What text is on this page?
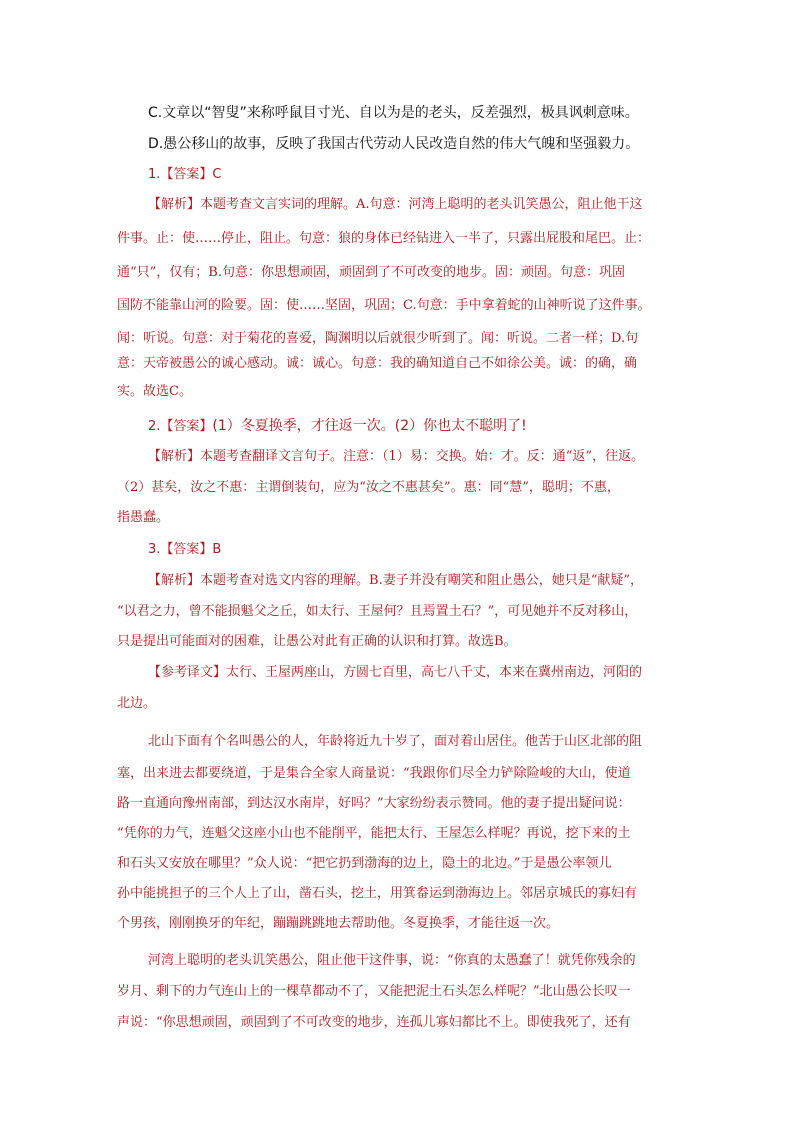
C.文章以“智叟”来称呼鼠目寸光、自以为是的老头，反差强烈，极具讽刺意味。
D.愚公移山的故事，反映了我国古代劳动人民改造自然的伟大气魄和坚强毅力。
1.【答案】C
【解析】本题考查文言实词的理解。A.句意：河湾上聪明的老头讥笑愚公，阻止他干这
件事。止：使……停止，阻止。句意：狼的身体已经钻进入一半了，只露出屁股和尾巴。止：
通“只”，仅有；B.句意：你思想顽固，顽固到了不可改变的地步。固：顽固。句意：巩固
国防不能靠山河的险要。固：使……坚固，巩固；C.句意：手中拿着蛇的山神听说了这件事。
闻：听说。句意：对于菊花的喜爱，陶渊明以后就很少听到了。闻：听说。二者一样；D.句
意：天帝被愚公的诚心感动。诚：诚心。句意：我的确知道自己不如徐公美。诚：的确，确
实。故选C。
2.【答案】(1）冬夏换季，才往返一次。(2）你也太不聪明了!
【解析】本题考查翻译文言句子。注意：（1）易：交换。始：才。反：通“返”，往返。
（2）甚矣，汝之不惠：主谓倒装句，应为“汝之不惠甚矣”。惠：同“慧”，聪明；不惠，
指愚蠢。
3.【答案】B
【解析】本题考查对选文内容的理解。B.妻子并没有嘲笑和阻止愚公，她只是“献疑”，
“以君之力，曾不能损魁父之丘，如太行、王屋何？且焉置土石？”，可见她并不反对移山，
只是提出可能面对的困难，让愚公对此有正确的认识和打算。故选B。
【参考译文】太行、王屋两座山，方圆七百里，高七八千丈，本来在冀州南边，河阳的
北边。
北山下面有个名叫愚公的人，年龄将近九十岁了，面对着山居住。他苦于山区北部的阻
塞，出来进去都要绕道，于是集合全家人商量说：“我跟你们尽全力铲除险峻的大山，使道
路一直通向豫州南部，到达汉水南岸，好吗？”大家纷纷表示赞同。他的妻子提出疑问说：
“凭你的力气，连魁父这座小山也不能削平，能把太行、王屋怎么样呢？再说，挖下来的土
和石头又安放在哪里？”众人说：“把它扔到渤海的边上，隐土的北边。”于是愚公率领儿
孙中能挑担子的三个人上了山，凿石头，挖土，用箕畚运到渤海边上。邻居京城氏的寡妇有
个男孩，刚刚换牙的年纪，蹦蹦跳跳地去帮助他。冬夏换季，才能往返一次。
河湾上聪明的老头讥笑愚公，阻止他干这件事，说：“你真的太愚蠢了！就凭你残余的
岁月、剩下的力气连山上的一棵草都动不了，又能把泥土石头怎么样呢？”北山愚公长叹一
声说：“你思想顽固，顽固到了不可改变的地步，连孤儿寡妇都比不上。即使我死了，还有
